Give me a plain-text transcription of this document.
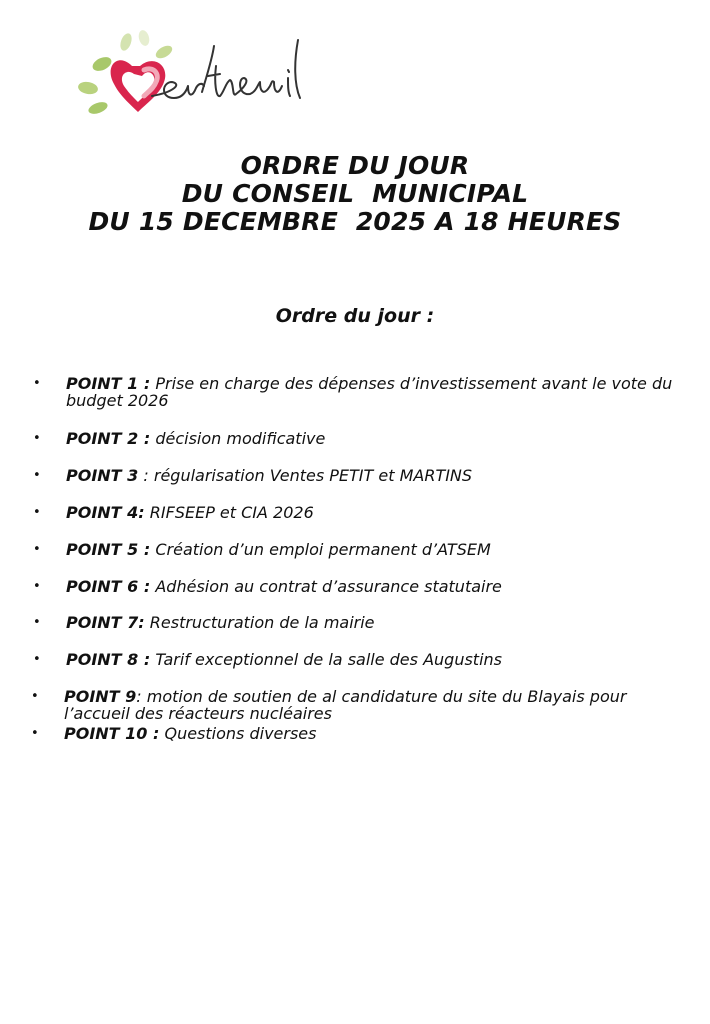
ORDRE DU JOUR
DU CONSEIL  MUNICIPAL
DU 15 DECEMBRE  2025 A 18 HEURES
Ordre du jour :
• POINT 1 : Prise en charge des dépenses d’investissement avant le vote du budget 2026
• POINT 2 : décision modificative
• POINT 3 : régularisation Ventes PETIT et MARTINS
• POINT 4: RIFSEEP et CIA 2026
• POINT 5 : Création d’un emploi permanent d’ATSEM
• POINT 6 : Adhésion au contrat d’assurance statutaire
• POINT 7: Restructuration de la mairie
• POINT 8 : Tarif exceptionnel de la salle des Augustins
• POINT 9: motion de soutien de al candidature du site du Blayais pour l’accueil des réacteurs nucléaires
• POINT 10 : Questions diverses
